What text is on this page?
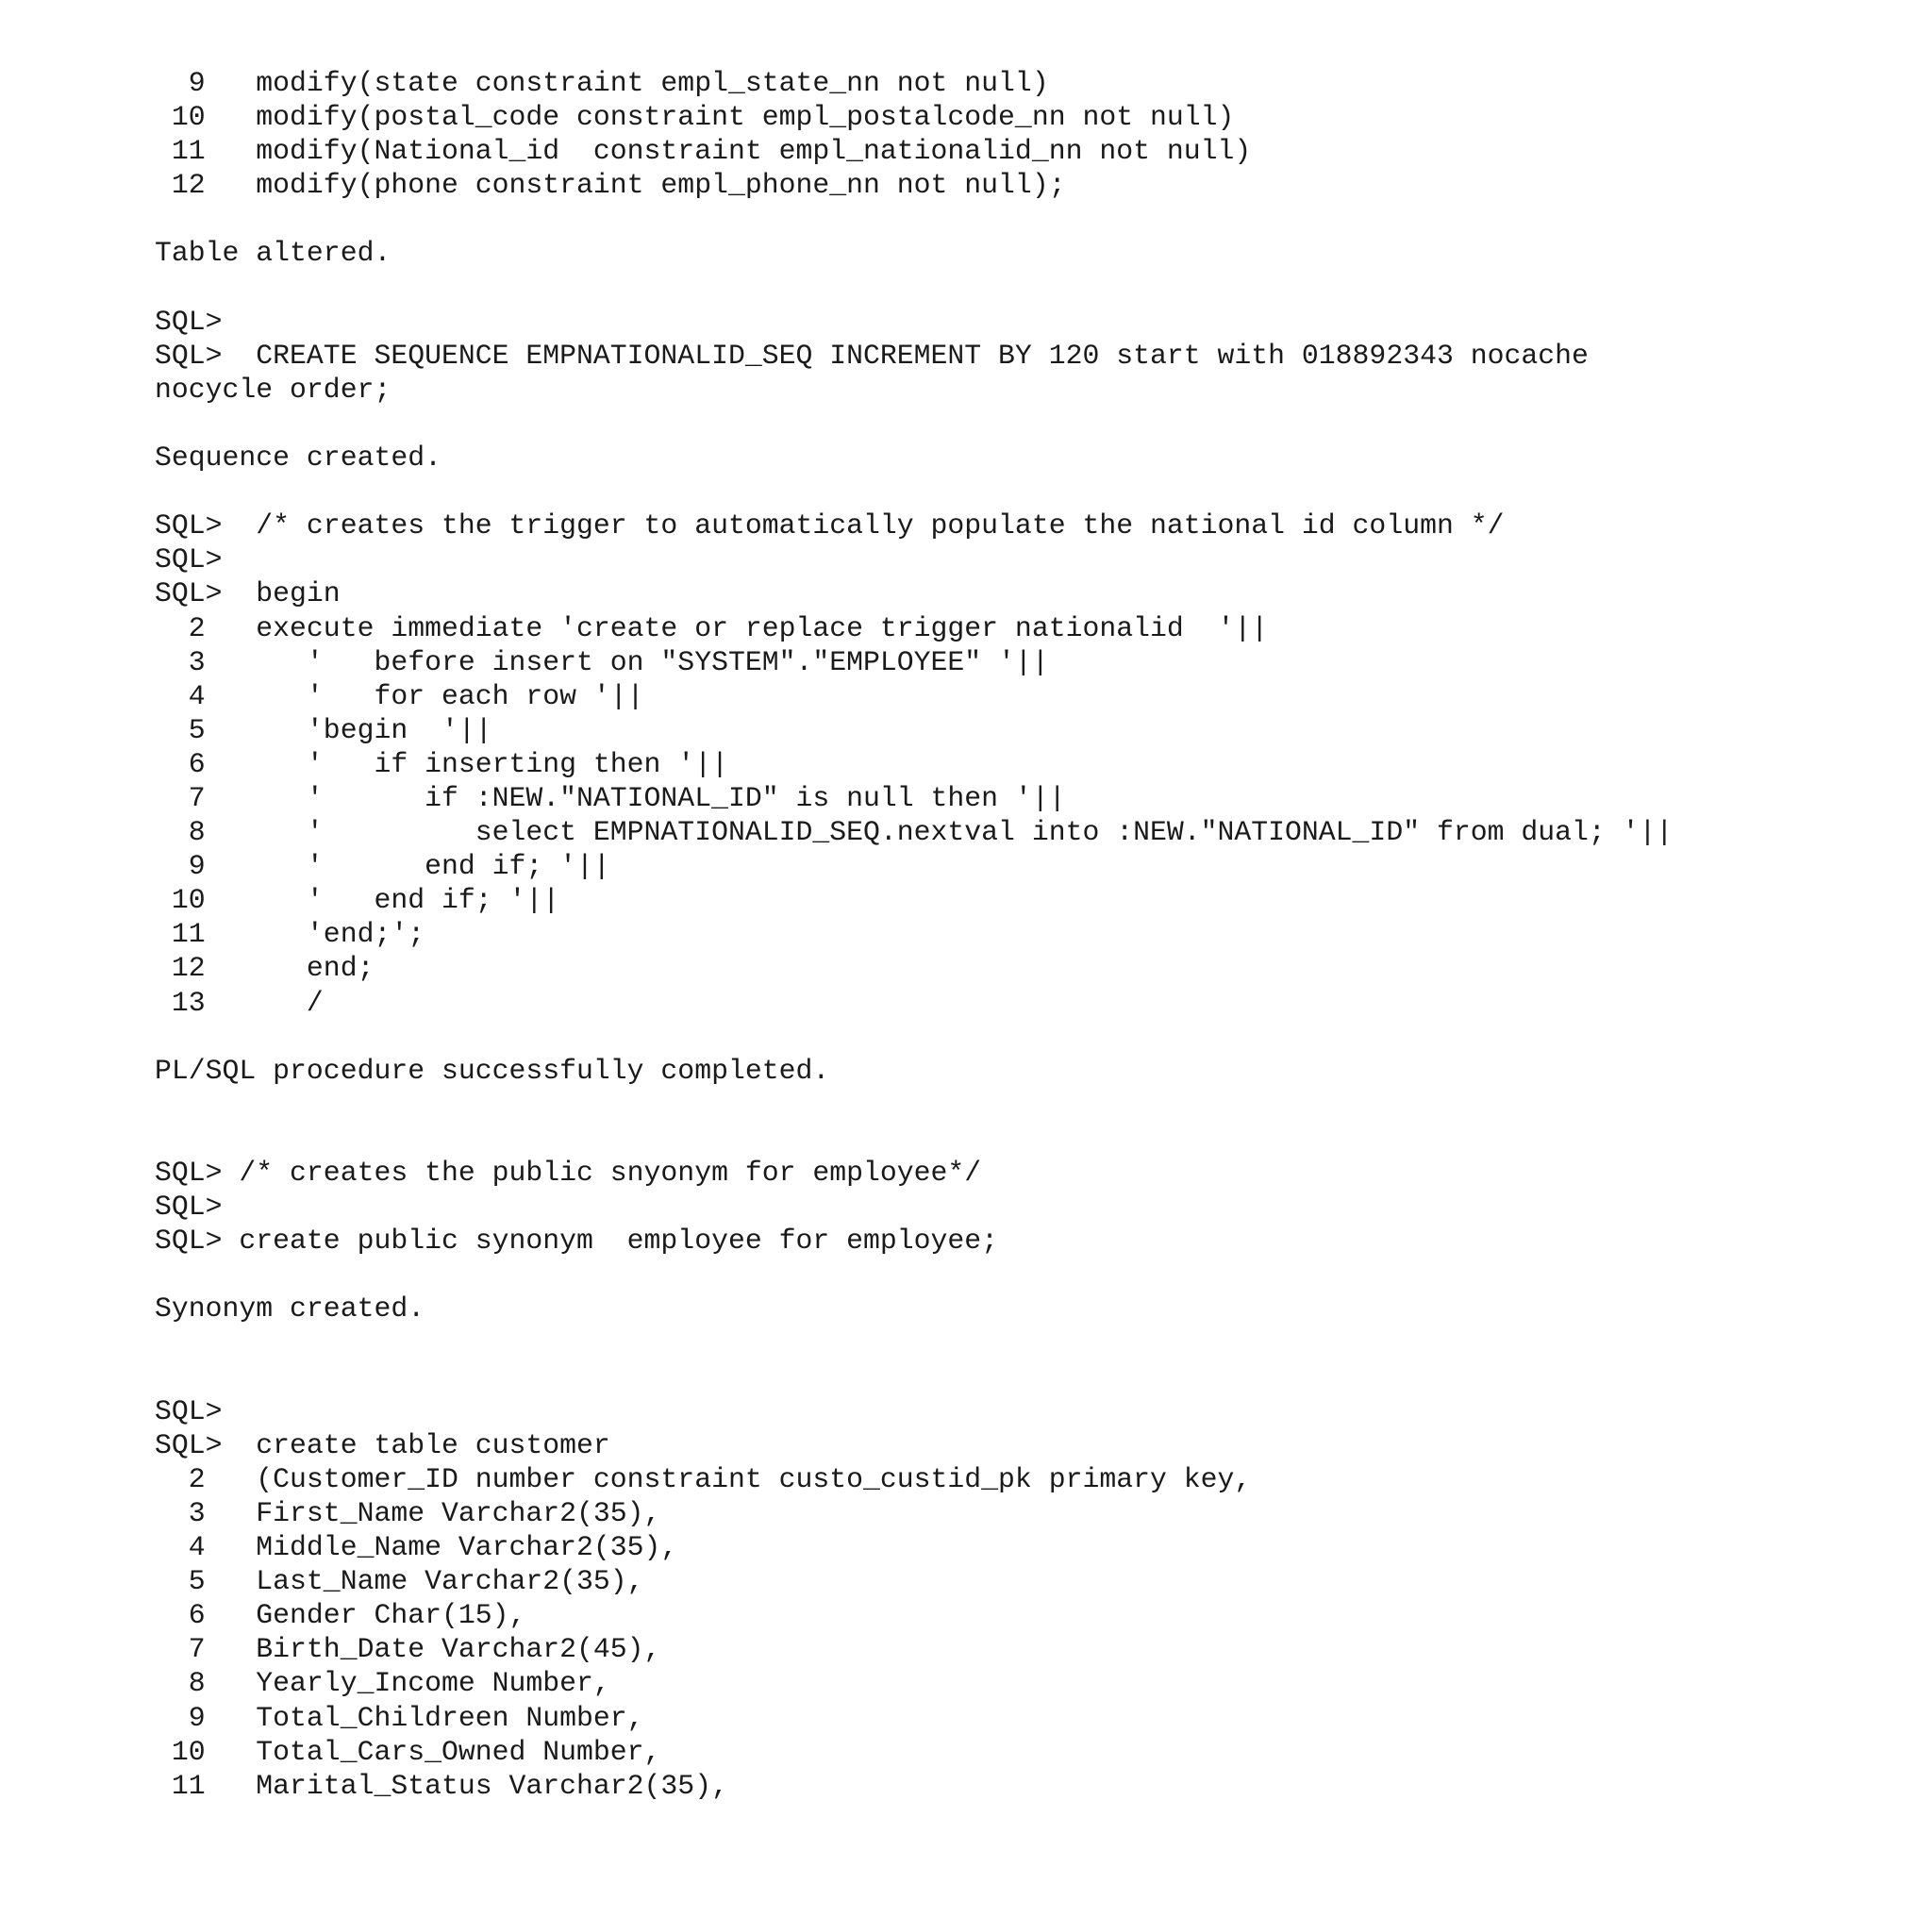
9   modify(state constraint empl_state_nn not null)
10   modify(postal_code constraint empl_postalcode_nn not null)
11   modify(National_id  constraint empl_nationalid_nn not null)
12   modify(phone constraint empl_phone_nn not null);
Table altered.
SQL>
SQL>  CREATE SEQUENCE EMPNATIONALID_SEQ INCREMENT BY 120 start with 018892343 nocache
nocycle order;
Sequence created.
SQL>  /* creates the trigger to automatically populate the national id column */
SQL>
SQL>  begin
2   execute immediate 'create or replace trigger nationalid  '||
3      '   before insert on "SYSTEM"."EMPLOYEE" '||
4      '   for each row '||
5      'begin  '||
6      '   if inserting then '||
7      '      if :NEW."NATIONAL_ID" is null then '||
8      '         select EMPNATIONALID_SEQ.nextval into :NEW."NATIONAL_ID" from dual; '||
9      '      end if; '||
10      '   end if; '||
11      'end;';
12      end;
13      /
PL/SQL procedure successfully completed.
SQL> /* creates the public snyonym for employee*/
SQL>
SQL> create public synonym  employee for employee;
Synonym created.
SQL>
SQL>  create table customer
2   (Customer_ID number constraint custo_custid_pk primary key,
3   First_Name Varchar2(35),
4   Middle_Name Varchar2(35),
5   Last_Name Varchar2(35),
6   Gender Char(15),
7   Birth_Date Varchar2(45),
8   Yearly_Income Number,
9   Total_Childreen Number,
10   Total_Cars_Owned Number,
11   Marital_Status Varchar2(35),
